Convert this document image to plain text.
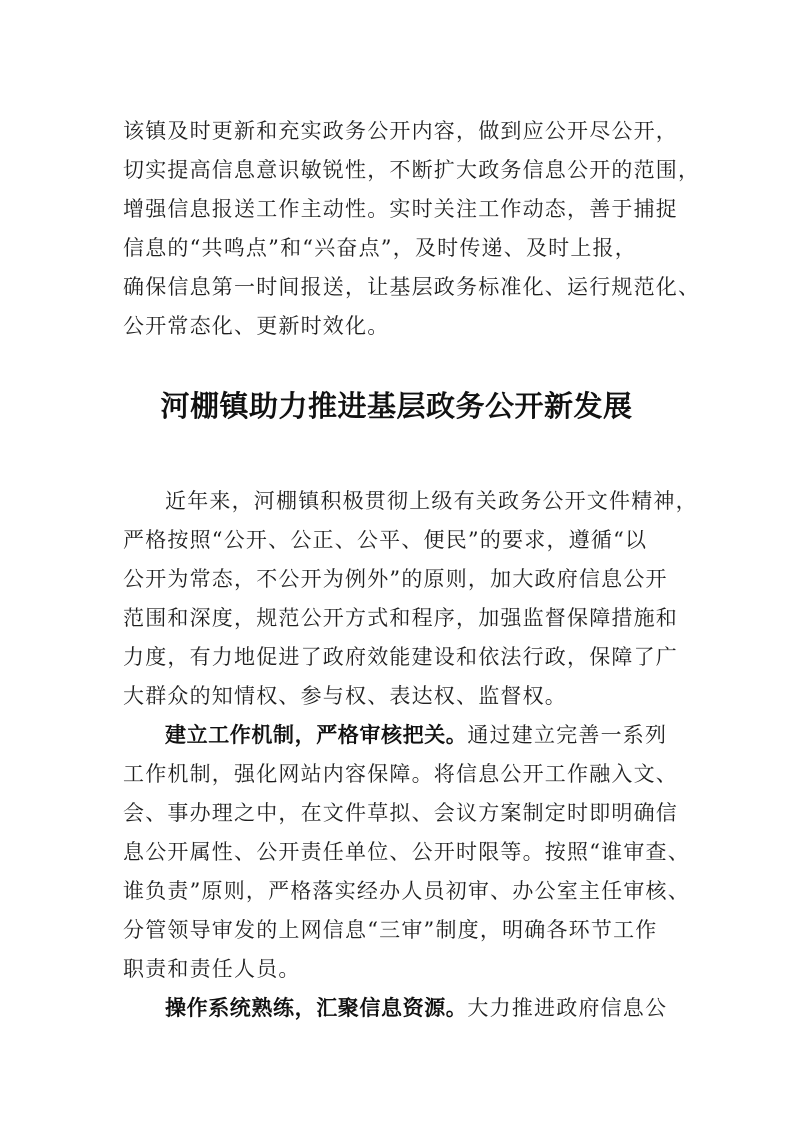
该镇及时更新和充实政务公开内容，做到应公开尽公开，
切实提高信息意识敏锐性，不断扩大政务信息公开的范围，
增强信息报送工作主动性。实时关注工作动态，善于捕捉
信息的“共鸣点”和“兴奋点”，及时传递、及时上报，
确保信息第一时间报送，让基层政务标准化、运行规范化、
公开常态化、更新时效化。
河棚镇助力推进基层政务公开新发展
近年来，河棚镇积极贯彻上级有关政务公开文件精神，
严格按照“公开、公正、公平、便民”的要求，遵循“以
公开为常态，不公开为例外”的原则，加大政府信息公开
范围和深度，规范公开方式和程序，加强监督保障措施和
力度，有力地促进了政府效能建设和依法行政，保障了广
大群众的知情权、参与权、表达权、监督权。
建立工作机制，严格审核把关。通过建立完善一系列
工作机制，强化网站内容保障。将信息公开工作融入文、
会、事办理之中，在文件草拟、会议方案制定时即明确信
息公开属性、公开责任单位、公开时限等。按照“谁审查、
谁负责”原则，严格落实经办人员初审、办公室主任审核、
分管领导审发的上网信息“三审”制度，明确各环节工作
职责和责任人员。
操作系统熟练，汇聚信息资源。大力推进政府信息公
